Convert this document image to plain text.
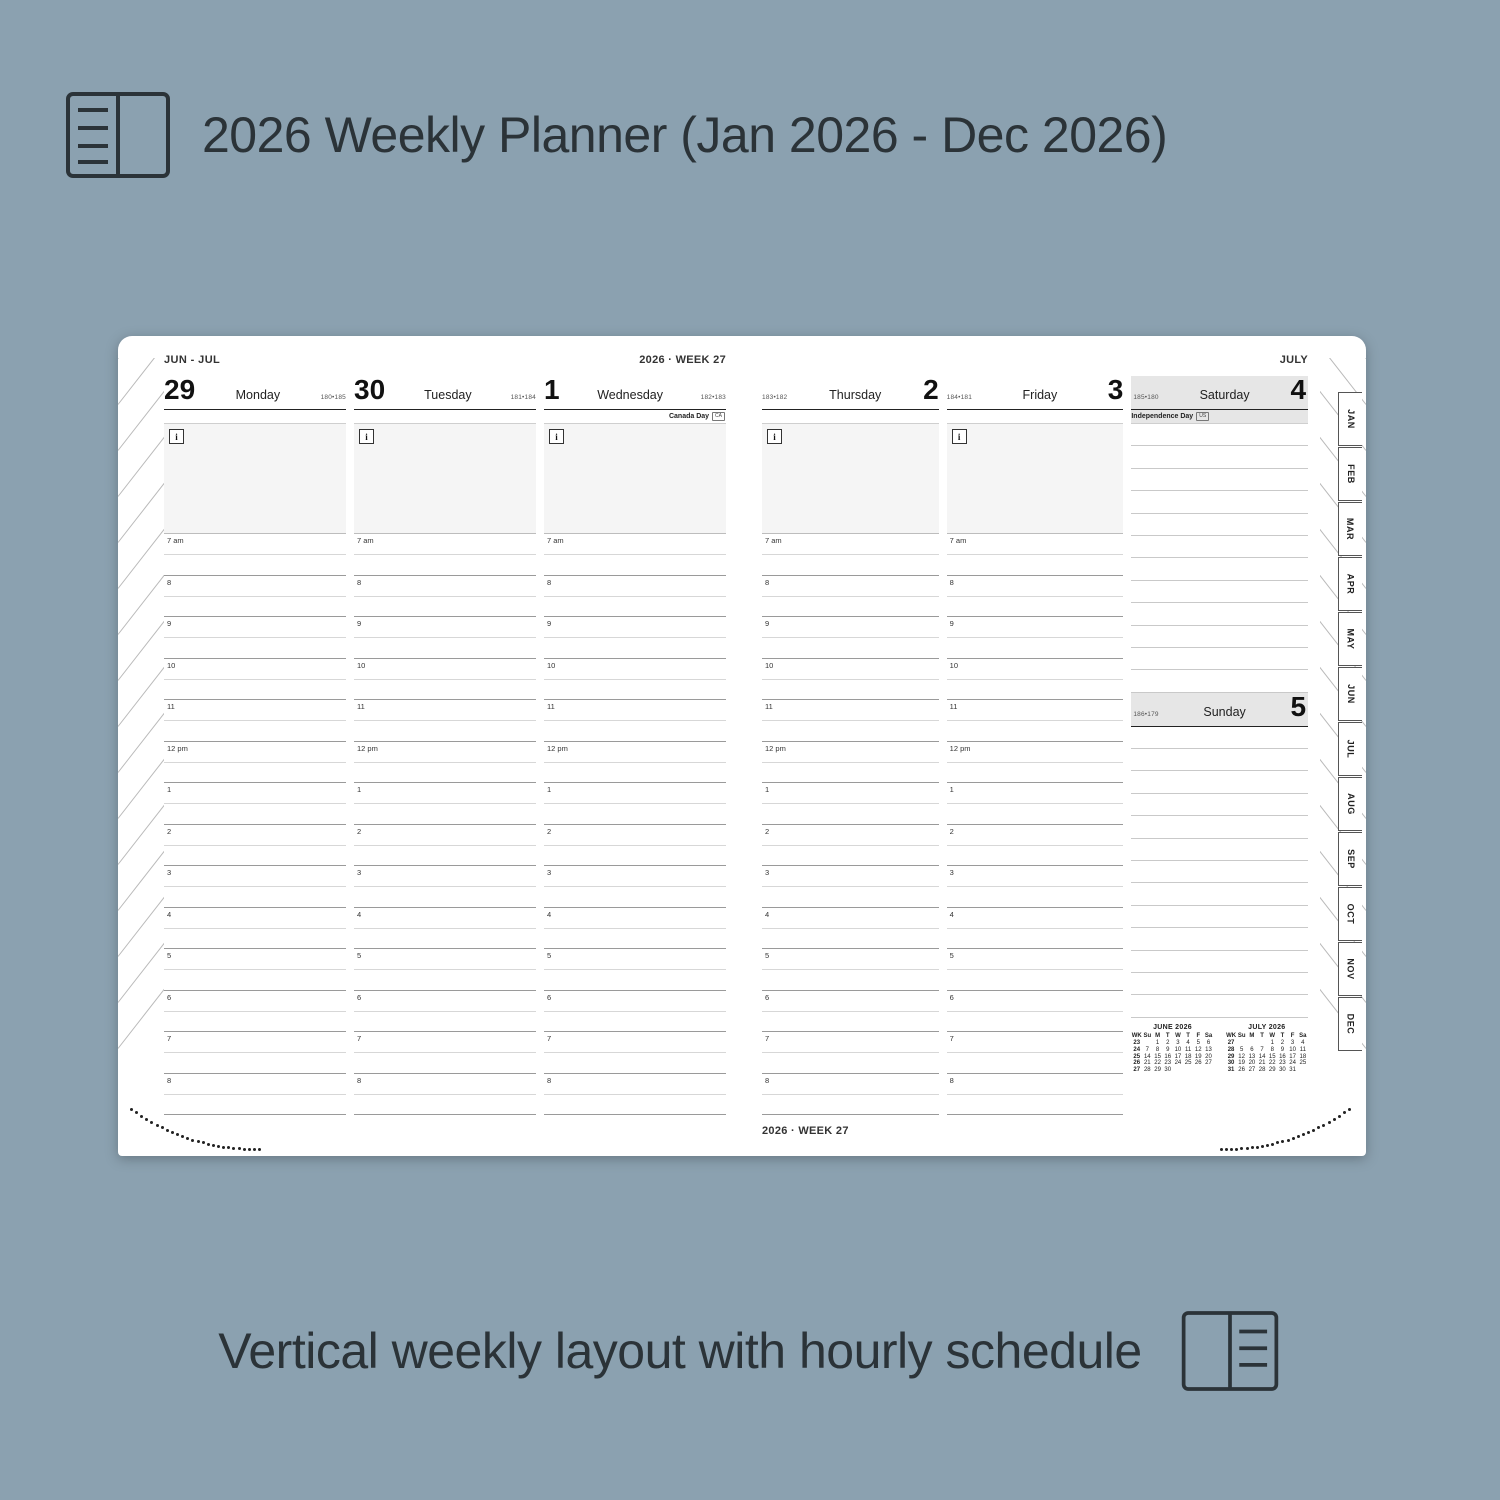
2026 Weekly Planner (Jan 2026 - Dec 2026)
JUN - JUL	2026 · WEEK 27
29	Monday	180•185
i
7 am
8
9
10
11
12 pm
1
2
3
4
5
6
7
8
30	Tuesday	181•184
i
7 am
8
9
10
11
12 pm
1
2
3
4
5
6
7
8
1	Wednesday	182•183
Canada Day	CA
i
7 am
8
9
10
11
12 pm
1
2
3
4
5
6
7
8
JULY
183•182	Thursday 2
i
7 am
8
9
10
11
12 pm
1
2
3
4
5
6
7
8
184•181	Friday 3
i
7 am
8
9
10
11
12 pm
1
2
3
4
5
6
7
8
185•180	Saturday 4
Independence Day	US
186•179	Sunday 5
JUNE 2026
WK	Su	M	T	W	T	F	Sa
23		1	2	3	4	5	6
24	7	8	9	10	11	12	13
25	14	15	16	17	18	19	20
26	21	22	23	24	25	26	27
27	28	29	30				
JULY 2026
WK	Su	M	T	W	T	F	Sa
27				1	2	3	4
28	5	6	7	8	9	10	11
29	12	13	14	15	16	17	18
30	19	20	21	22	23	24	25
31	26	27	28	29	30	31	
2026 · WEEK 27
JAN
FEB
MAR
APR
MAY
JUN
JUL
AUG
SEP
OCT
NOV
DEC
Vertical weekly layout with hourly schedule
